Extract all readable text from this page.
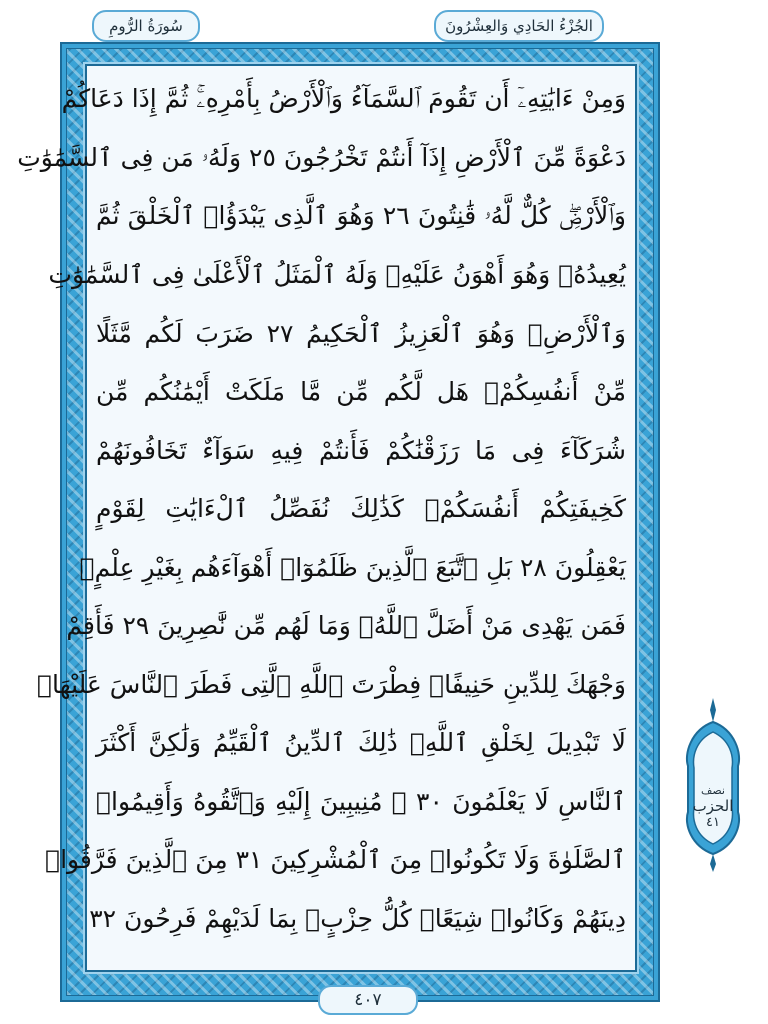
سُورَةُ الرُّومِ	الجُزْءُ الحَادِي وَالعِشْرُونَ
وَمِنْ ءَايَٰتِهِۦٓ أَن تَقُومَ ٱلسَّمَآءُ وَٱلْأَرْضُ بِأَمْرِهِۦۚ ثُمَّ إِذَا دَعَاكُمْ
دَعْوَةً مِّنَ ٱلْأَرْضِ إِذَآ أَنتُمْ تَخْرُجُونَ ٢٥ وَلَهُۥ مَن فِى ٱلسَّمَٰوَٰتِ
وَٱلْأَرْضِۖ كُلٌّ لَّهُۥ قَٰنِتُونَ ٢٦ وَهُوَ ٱلَّذِى يَبْدَؤُا۟ ٱلْخَلْقَ ثُمَّ
يُعِيدُهُۥ وَهُوَ أَهْوَنُ عَلَيْهِۚ وَلَهُ ٱلْمَثَلُ ٱلْأَعْلَىٰ فِى ٱلسَّمَٰوَٰتِ
وَٱلْأَرْضِۚ وَهُوَ ٱلْعَزِيزُ ٱلْحَكِيمُ ٢٧ ضَرَبَ لَكُم مَّثَلًا
مِّنْ أَنفُسِكُمْۖ هَل لَّكُم مِّن مَّا مَلَكَتْ أَيْمَٰنُكُم مِّن
شُرَكَآءَ فِى مَا رَزَقْنَٰكُمْ فَأَنتُمْ فِيهِ سَوَآءٌ تَخَافُونَهُمْ
كَخِيفَتِكُمْ أَنفُسَكُمْۚ كَذَٰلِكَ نُفَصِّلُ ٱلْءَايَٰتِ لِقَوْمٍ
يَعْقِلُونَ ٢٨ بَلِ ٱتَّبَعَ ٱلَّذِينَ ظَلَمُوٓا۟ أَهْوَآءَهُم بِغَيْرِ عِلْمٍۖ
فَمَن يَهْدِى مَنْ أَضَلَّ ٱللَّهُۖ وَمَا لَهُم مِّن نَّٰصِرِينَ ٢٩ فَأَقِمْ
وَجْهَكَ لِلدِّينِ حَنِيفًاۚ فِطْرَتَ ٱللَّهِ ٱلَّتِى فَطَرَ ٱلنَّاسَ عَلَيْهَاۚ
لَا تَبْدِيلَ لِخَلْقِ ٱللَّهِۚ ذَٰلِكَ ٱلدِّينُ ٱلْقَيِّمُ وَلَٰكِنَّ أَكْثَرَ
ٱلنَّاسِ لَا يَعْلَمُونَ ٣٠ ۞ مُنِيبِينَ إِلَيْهِ وَٱتَّقُوهُ وَأَقِيمُوا۟
ٱلصَّلَوٰةَ وَلَا تَكُونُوا۟ مِنَ ٱلْمُشْرِكِينَ ٣١ مِنَ ٱلَّذِينَ فَرَّقُوا۟
دِينَهُمْ وَكَانُوا۟ شِيَعًاۖ كُلُّ حِزْبٍۭ بِمَا لَدَيْهِمْ فَرِحُونَ ٣٢
٤٠٧
نصف
الحزب
٤١
